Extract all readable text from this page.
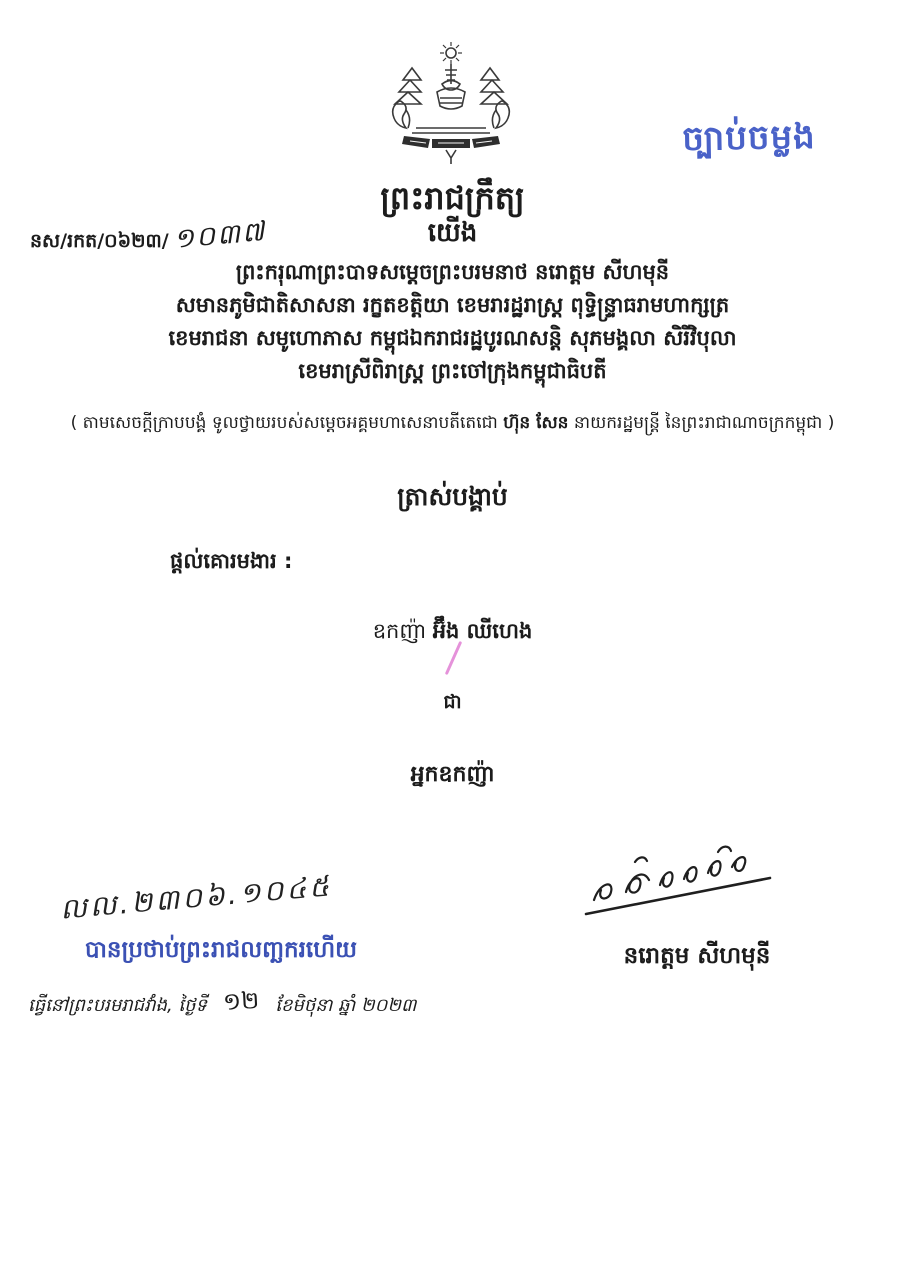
ច្បាប់ចម្លង
ព្រះរាជក្រឹត្យ
យើង
នស/រកត/០៦២៣/ ១០៣៧
ព្រះករុណាព្រះបាទសម្តេចព្រះបរមនាថ នរោត្តម សីហមុនី
សមានភូមិជាតិសាសនា រក្ខតខត្តិយា ខេមរារដ្ឋរាស្ត្រ ពុទ្ធិន្ទ្រាធរាមហាក្សត្រ
ខេមរាជនា សមូហោភាស កម្ពុជឯករាជរដ្ឋបូរណសន្តិ សុភមង្គលា សិរីវិបុលា
ខេមរាស្រីពិរាស្ត្រ ព្រះចៅក្រុងកម្ពុជាធិបតី
( តាមសេចក្តីក្រាបបង្គំ ទូលថ្វាយរបស់សម្តេចអគ្គមហាសេនាបតីតេជោ ហ៊ុន សែន នាយករដ្ឋមន្ត្រី នៃព្រះរាជាណាចក្រកម្ពុជា )
ត្រាស់បង្គាប់
ផ្តល់គោរមងារ :
ឧកញ៉ា អ៊ឹង ឈីហេង
ជា
អ្នកឧកញ៉ា
លល.២៣០៦.១០៤៥
បានប្រថាប់ព្រះរាជលញ្ឆករហើយ	នរោត្តម សីហមុនី
ធ្វើនៅព្រះបរមរាជវាំង, ថ្ងៃទី ១២ ខែមិថុនា ឆ្នាំ ២០២៣
